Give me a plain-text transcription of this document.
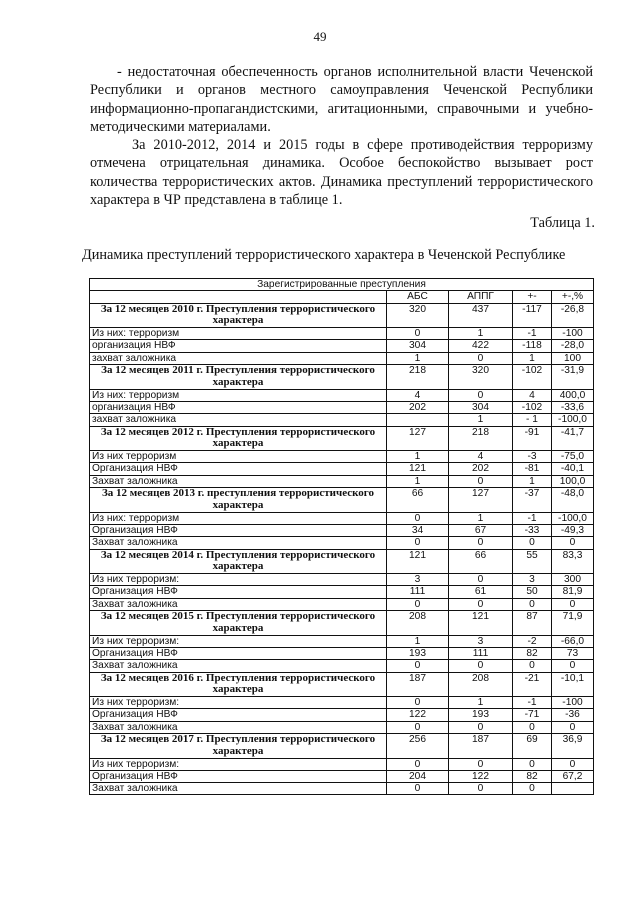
49

- недостаточная обеспеченность органов исполнительной власти Чеченской Республики и органов местного самоуправления Чеченской Республики информационно-пропагандистскими, агитационными, справочными и учебно-методическими материалами.

За 2010-2012, 2014 и 2015 годы в сфере противодействия терроризму отмечена отрицательная динамика. Особое беспокойство вызывает рост количества террористических актов. Динамика преступлений террористического характера в ЧР представлена в таблице 1.

Таблица 1.
Динамика преступлений террористического характера в Чеченской Республике
Зарегистрированные преступления				
	АБС	АППГ	+-	+-,%
За 12 месяцев 2010 г. Преступления террористического характера	320	437	-117	-26,8
Из них: терроризм	0	1	-1	-100
организация НВФ	304	422	-118	-28,0
захват заложника	1	0	1	100
За 12 месяцев 2011 г. Преступления террористического характера	218	320	-102	-31,9
Из них: терроризм	4	0	4	400,0
организация НВФ	202	304	-102	-33,6
захват заложника		1	- 1	-100,0
За 12 месяцев 2012 г. Преступления террористического характера	127	218	-91	-41,7
Из них терроризм	1	4	-3	-75,0
Организация НВФ	121	202	-81	-40,1
Захват заложника	1	0	1	100,0
За 12 месяцев 2013 г. преступления террористического характера	66	127	-37	-48,0
Из них: терроризм	0	1	-1	-100,0
Организация НВФ	34	67	-33	-49,3
Захват заложника	0	0	0	0
За 12 месяцев 2014 г. Преступления террористического характера	121	66	55	83,3
Из них терроризм:	3	0	3	300
Организация НВФ	111	61	50	81,9
Захват заложника	0	0	0	0
За 12 месяцев 2015 г. Преступления террористического характера	208	121	87	71,9
Из них терроризм:	1	3	-2	-66,0
Организация НВФ	193	111	82	73
Захват заложника	0	0	0	0
За 12 месяцев 2016 г. Преступления террористического характера	187	208	-21	-10,1
Из них терроризм:	0	1	-1	-100
Организация НВФ	122	193	-71	-36
Захват заложника	0	0	0	0
За 12 месяцев 2017 г. Преступления террористического характера	256	187	69	36,9
Из них терроризм:	0	0	0	0
Организация НВФ	204	122	82	67,2
Захват заложника	0	0	0	
